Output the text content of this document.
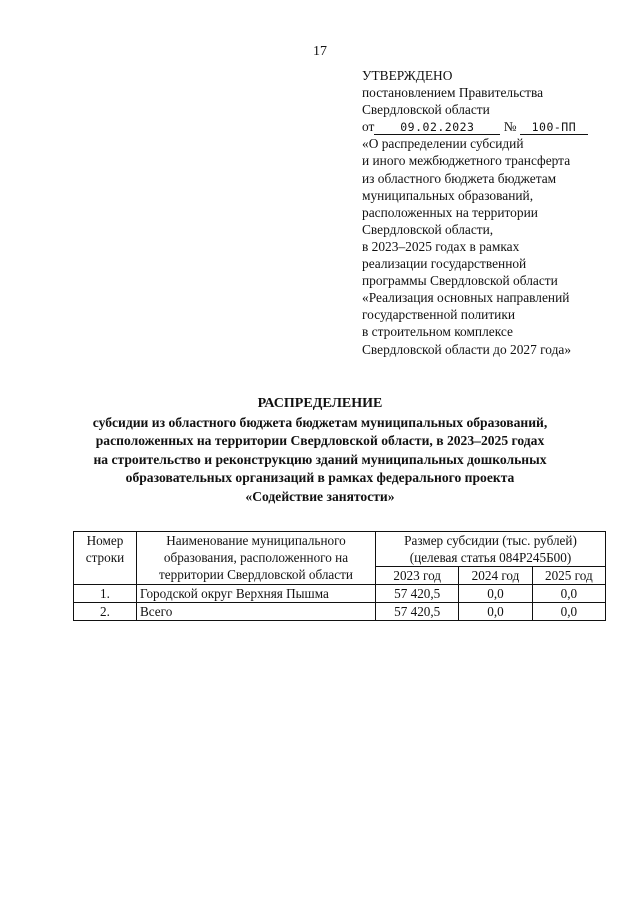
17
УТВЕРЖДЕНО
постановлением Правительства
Свердловской области
от 09.02.2023 № 100-ПП
«О распределении субсидий
и иного межбюджетного трансферта
из областного бюджета бюджетам
муниципальных образований,
расположенных на территории
Свердловской области,
в 2023–2025 годах в рамках
реализации государственной
программы Свердловской области
«Реализация основных направлений
государственной политики
в строительном комплексе
Свердловской области до 2027 года»
РАСПРЕДЕЛЕНИЕ
субсидии из областного бюджета бюджетам муниципальных образований,
расположенных на территории Свердловской области, в 2023–2025 годах
на строительство и реконструкцию зданий муниципальных дошкольных
образовательных организаций в рамках федерального проекта
«Содействие занятости»
Номер строки	Наименование муниципального образования, расположенного на территории Свердловской области	Размер субсидии (тыс. рублей) (целевая статья 084P245Б00)		
		2023 год	2024 год	2025 год
1.	Городской округ Верхняя Пышма	57 420,5	0,0	0,0
2.	Всего	57 420,5	0,0	0,0
